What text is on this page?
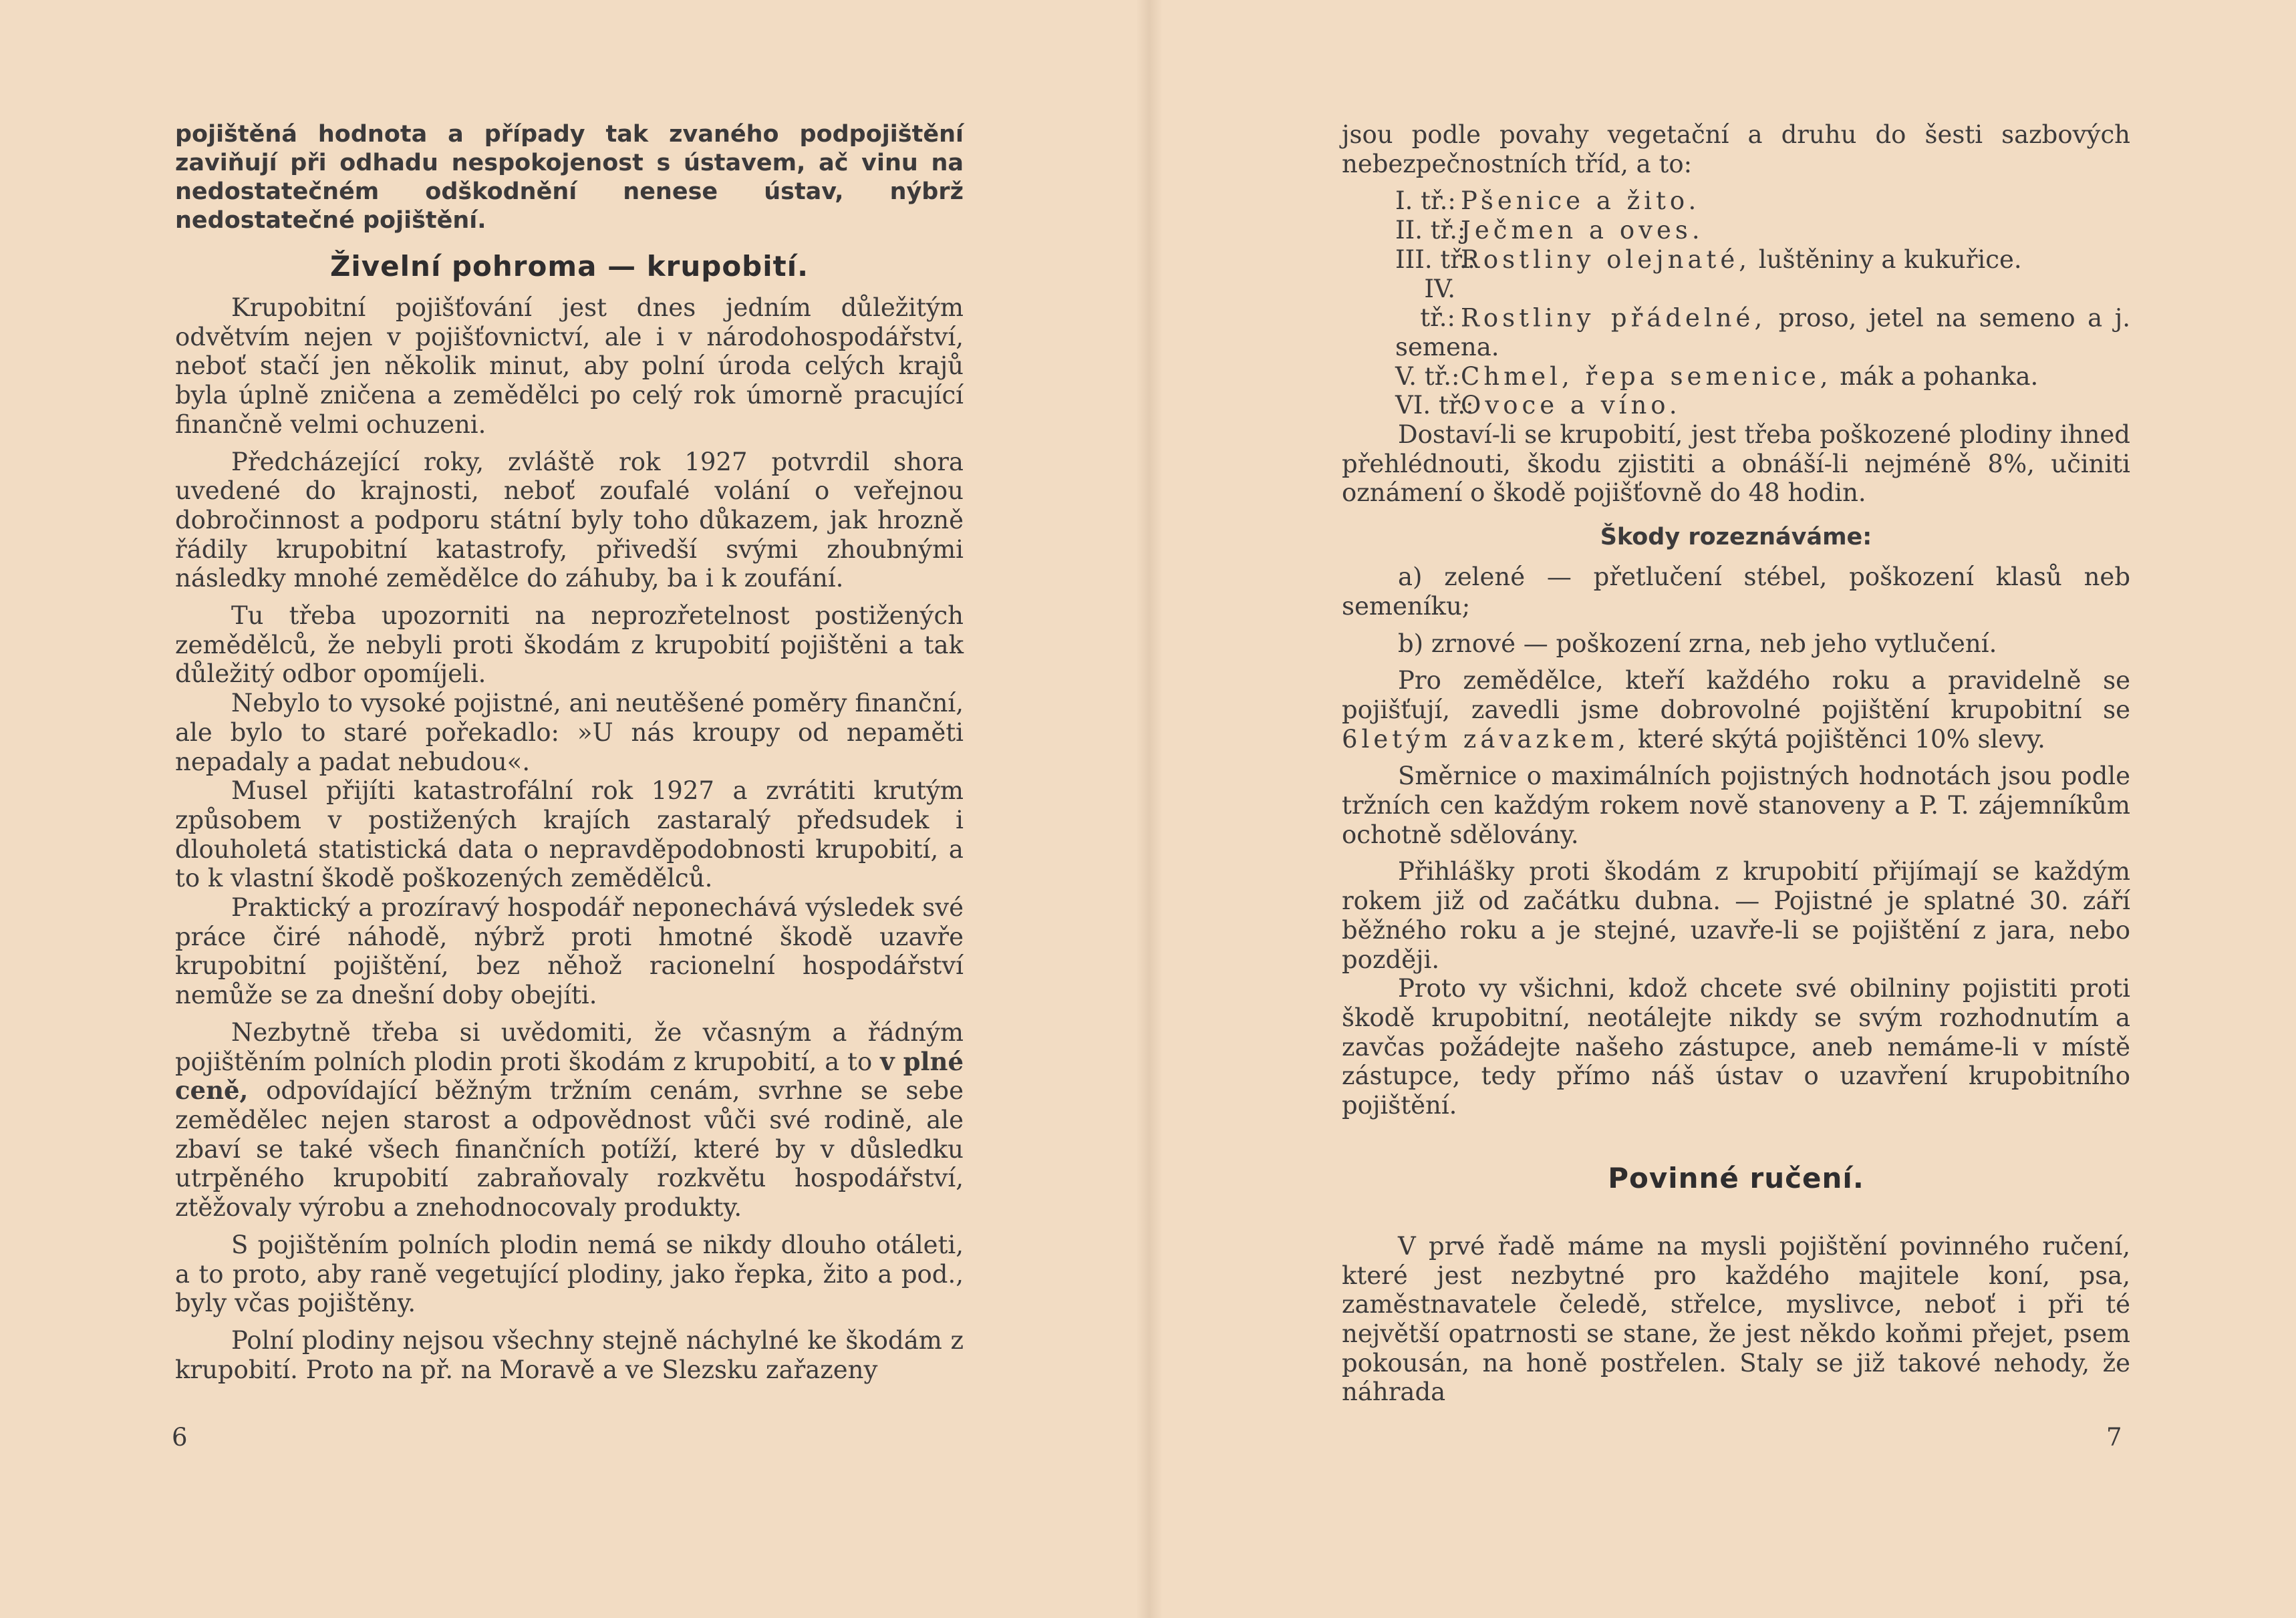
pojištěná hodnota a případy tak zvaného podpojištění zaviňují při odhadu nespokojenost s ústavem, ač vinu na nedostatečném odškodnění nenese ústav, nýbrž nedostatečné pojištění.

Živelní pohroma — krupobití.

Krupobitní pojišťování jest dnes jedním důležitým odvětvím nejen v pojišťovnictví, ale i v národohospodářství, neboť stačí jen několik minut, aby polní úroda celých krajů byla úplně zničena a zemědělci po celý rok úmorně pracující finančně velmi ochuzeni.

Předcházející roky, zvláště rok 1927 potvrdil shora uvedené do krajnosti, neboť zoufalé volání o veřejnou dobročinnost a podporu státní byly toho důkazem, jak hrozně řádily krupobitní katastrofy, přivedší svými zhoubnými následky mnohé zemědělce do záhuby, ba i k zoufání.

Tu třeba upozorniti na neprozřetelnost postižených zemědělců, že nebyli proti škodám z krupobití pojištěni a tak důležitý odbor opomíjeli.

Nebylo to vysoké pojistné, ani neutěšené poměry finanční, ale bylo to staré pořekadlo: »U nás kroupy od nepaměti nepadaly a padat nebudou«.

Musel přijíti katastrofální rok 1927 a zvrátiti krutým způsobem v postižených krajích zastaralý předsudek i dlouholetá statistická data o nepravděpodobnosti krupobití, a to k vlastní škodě poškozených zemědělců.

Praktický a prozíravý hospodář neponechává výsledek své práce čiré náhodě, nýbrž proti hmotné škodě uzavře krupobitní pojištění, bez něhož racionelní hospodářství nemůže se za dnešní doby obejíti.

Nezbytně třeba si uvědomiti, že včasným a řádným pojištěním polních plodin proti škodám z krupobití, a to v plné ceně, odpovídající běžným tržním cenám, svrhne se sebe zemědělec nejen starost a odpovědnost vůči své rodině, ale zbaví se také všech finančních potíží, které by v důsledku utrpěného krupobití zabraňovaly rozkvětu hospodářství, ztěžovaly výrobu a znehodnocovaly produkty.

S pojištěním polních plodin nemá se nikdy dlouho otáleti, a to proto, aby raně vegetující plodiny, jako řepka, žito a pod., byly včas pojištěny.

Polní plodiny nejsou všechny stejně náchylné ke škodám z krupobití. Proto na př. na Moravě a ve Slezsku zařazeny

6

jsou podle povahy vegetační a druhu do šesti sazbových nebezpečnostních tříd, a to:

I. tř.: Pšenice a žito.
II. tř.:Ječmen a oves.
III. tř.:Rostliny olejnaté, luštěniny a kukuřice.
IV. tř.: Rostliny přádelné, proso, jetel na semeno a j. semena.
V. tř.:Chmel, řepa semenice, mák a pohanka.
VI. tř.:Ovoce a víno.

Dostaví-li se krupobití, jest třeba poškozené plodiny ihned přehlédnouti, škodu zjistiti a obnáší-li nejméně 8%, učiniti oznámení o škodě pojišťovně do 48 hodin.

Škody rozeznáváme:

a) zelené — přetlučení stébel, poškození klasů neb semeníku;

b) zrnové — poškození zrna, neb jeho vytlučení.

Pro zemědělce, kteří každého roku a pravidelně se pojišťují, zavedli jsme dobrovolné pojištění krupobitní se 6letým závazkem, které skýtá pojištěnci 10% slevy.

Směrnice o maximálních pojistných hodnotách jsou podle tržních cen každým rokem nově stanoveny a P. T. zájemníkům ochotně sdělovány.

Přihlášky proti škodám z krupobití přijímají se každým rokem již od začátku dubna. — Pojistné je splatné 30. září běžného roku a je stejné, uzavře-li se pojištění z jara, nebo později.

Proto vy všichni, kdož chcete své obilniny pojistiti proti škodě krupobitní, neotálejte nikdy se svým rozhodnutím a zavčas požádejte našeho zástupce, aneb nemáme-li v místě zástupce, tedy přímo náš ústav o uzavření krupobitního pojištění.

Povinné ručení.

V prvé řadě máme na mysli pojištění povinného ručení, které jest nezbytné pro každého majitele koní, psa, zaměstnavatele čeledě, střelce, myslivce, neboť i při té největší opatrnosti se stane, že jest někdo koňmi přejet, psem pokousán, na honě postřelen. Staly se již takové nehody, že náhrada

7
